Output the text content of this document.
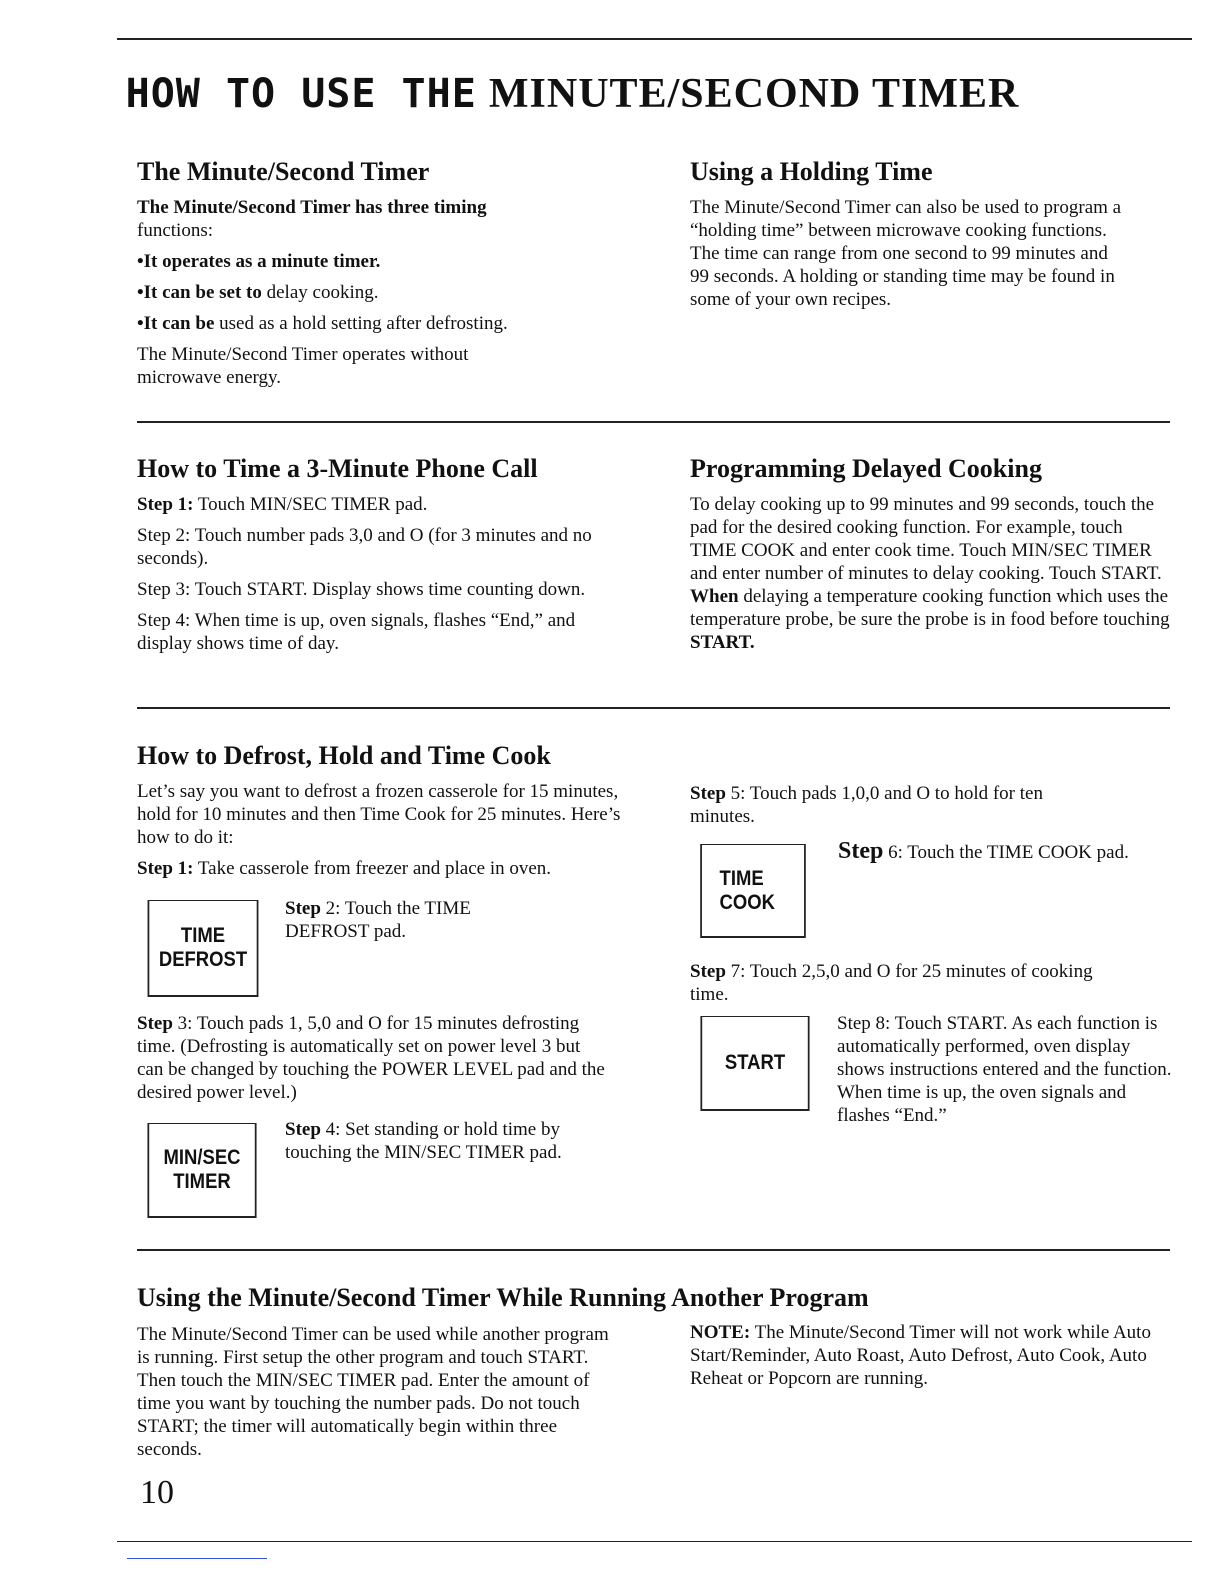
HOW TO USE THE MINUTE/SECOND TIMER
The Minute/Second Timer

The Minute/Second Timer has three timing
functions:

•It operates as a minute timer.

•It can be set to delay cooking.

•It can be used as a hold setting after defrosting.

The Minute/Second Timer operates without microwave energy.

Using a Holding Time

The Minute/Second Timer can also be used to program a “holding time” between microwave cooking functions. The time can range from one second to 99 minutes and 99 seconds. A holding or standing time may be found in some of your own recipes.

How to Time a 3-Minute Phone Call

Step 1: Touch MIN/SEC TIMER pad.

Step 2: Touch number pads 3,0 and O (for 3 minutes and no seconds).

Step 3: Touch START. Display shows time counting down.

Step 4: When time is up, oven signals, flashes “End,” and display shows time of day.

Programming Delayed Cooking

To delay cooking up to 99 minutes and 99 seconds, touch the pad for the desired cooking function. For example, touch TIME COOK and enter cook time. Touch MIN/SEC TIMER and enter number of minutes to delay cooking. Touch START. When delaying a temperature cooking function which uses the temperature probe, be sure the probe is in food before touching START.

How to Defrost, Hold and Time Cook

Let’s say you want to defrost a frozen casserole for 15 minutes, hold for 10 minutes and then Time Cook for 25 minutes. Here’s how to do it:

Step 1: Take casserole from freezer and place in oven.

TIME
DEFROST

Step 2: Touch the TIME DEFROST pad.

Step 3: Touch pads 1, 5,0 and O for 15 minutes defrosting time. (Defrosting is automatically set on power level 3 but can be changed by touching the POWER LEVEL pad and the desired power level.)

MIN/SEC
TIMER

Step 4: Set standing or hold time by touching the MIN/SEC TIMER pad.

Step 5: Touch pads 1,0,0 and O to hold for ten minutes.

TIME
COOK

Step 6: Touch the TIME COOK pad.

Step 7: Touch 2,5,0 and O for 25 minutes of cooking time.

START

Step 8: Touch START. As each function is automatically performed, oven display shows instructions entered and the function. When time is up, the oven signals and flashes “End.”

Using the Minute/Second Timer While Running Another Program

The Minute/Second Timer can be used while another program is running. First setup the other program and touch START. Then touch the MIN/SEC TIMER pad. Enter the amount of time you want by touching the number pads. Do not touch START; the timer will automatically begin within three seconds.

NOTE: The Minute/Second Timer will not work while Auto Start/Reminder, Auto Roast, Auto Defrost, Auto Cook, Auto Reheat or Popcorn are running.

10
